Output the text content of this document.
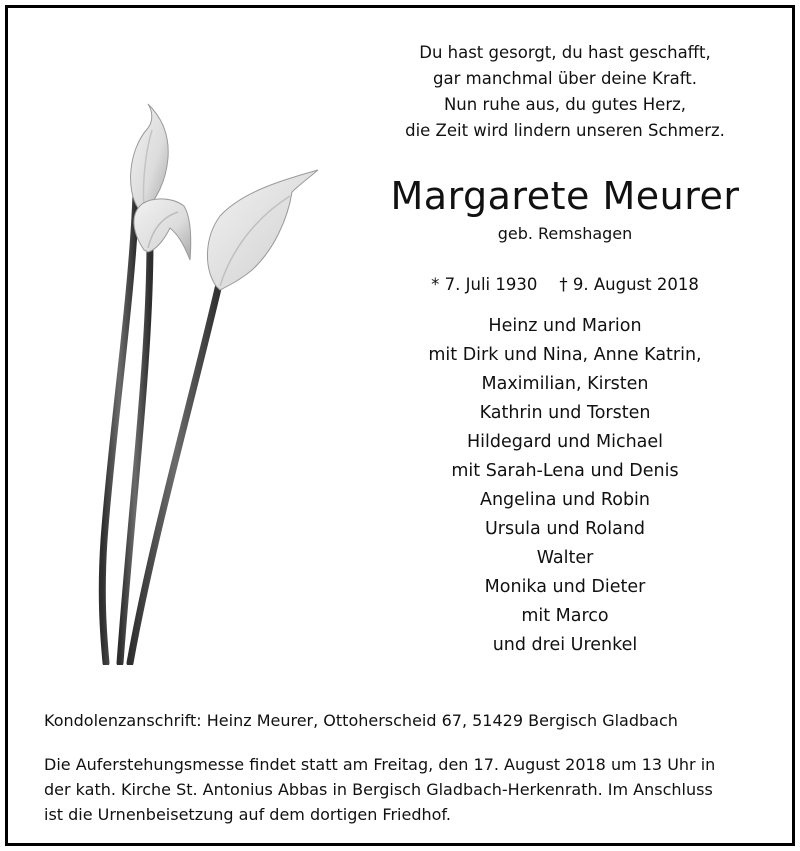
Du hast gesorgt, du hast geschafft,
gar manchmal über deine Kraft.
Nun ruhe aus, du gutes Herz,
die Zeit wird lindern unseren Schmerz.
Margarete Meurer
geb. Remshagen
* 7. Juli 1930 † 9. August 2018
Heinz und Marion
mit Dirk und Nina, Anne Katrin,
Maximilian, Kirsten
Kathrin und Torsten
Hildegard und Michael
mit Sarah-Lena und Denis
Angelina und Robin
Ursula und Roland
Walter
Monika und Dieter
mit Marco
und drei Urenkel
Kondolenzanschrift: Heinz Meurer, Ottoherscheid 67, 51429 Bergisch Gladbach
Die Auferstehungsmesse findet statt am Freitag, den 17. August 2018 um 13 Uhr in
der kath. Kirche St. Antonius Abbas in Bergisch Gladbach-Herkenrath. Im Anschluss
ist die Urnenbeisetzung auf dem dortigen Friedhof.
